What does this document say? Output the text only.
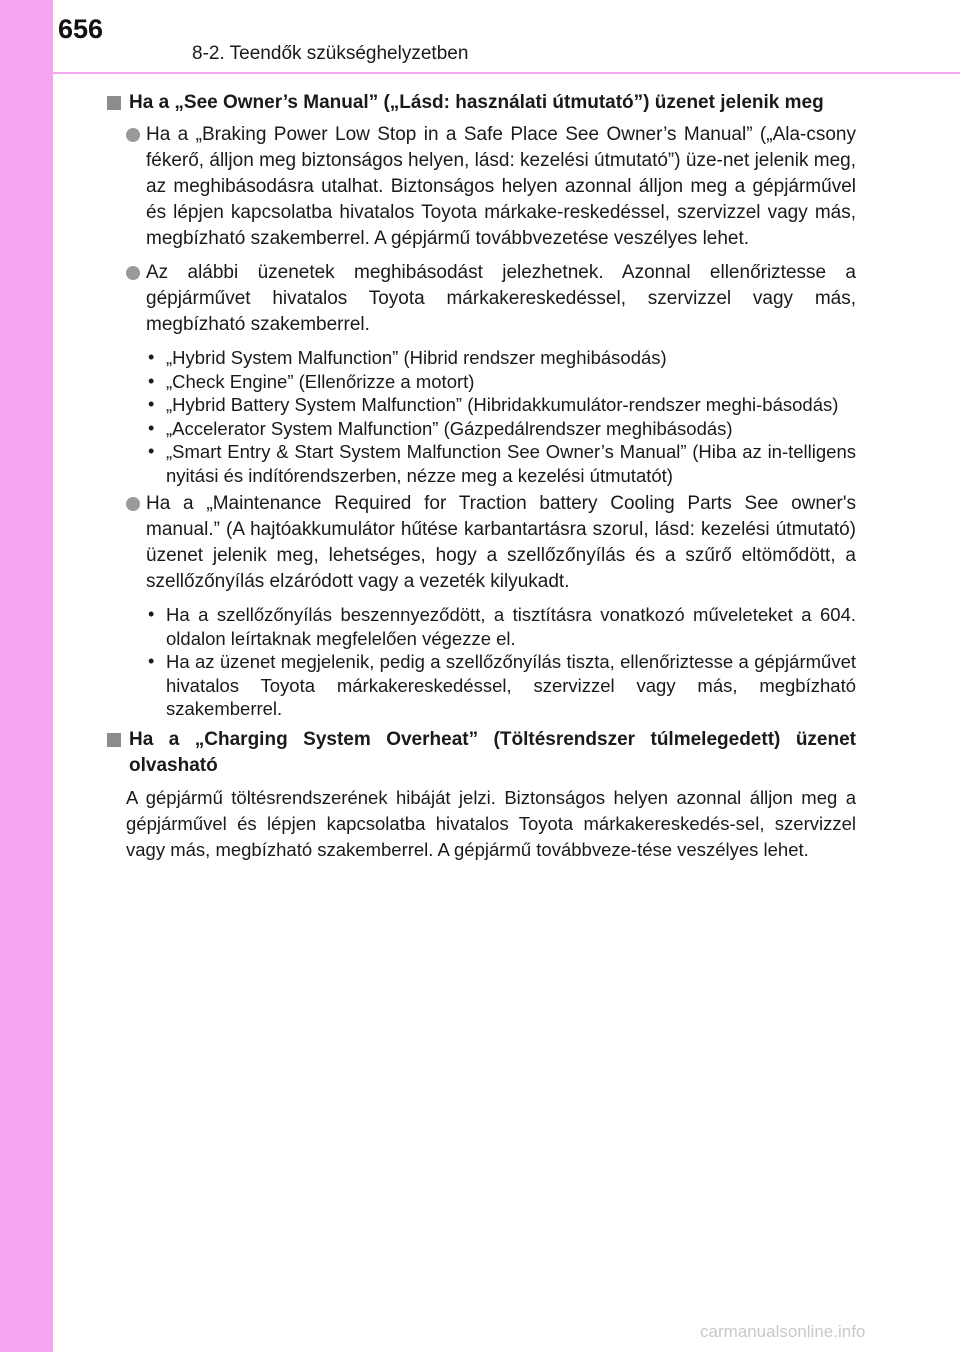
656
8-2. Teendők szükséghelyzetben
Ha a „See Owner’s Manual” („Lásd: használati útmutató”) üzenet jelenik meg
Ha a „Braking Power Low Stop in a Safe Place See Owner’s Manual” („Ala-csony fékerő, álljon meg biztonságos helyen, lásd: kezelési útmutató”) üze-net jelenik meg, az meghibásodásra utalhat. Biztonságos helyen azonnal álljon meg a gépjárművel és lépjen kapcsolatba hivatalos Toyota márkake-reskedéssel, szervizzel vagy más, megbízható szakemberrel. A gépjármű továbbvezetése veszélyes lehet.
Az alábbi üzenetek meghibásodást jelezhetnek. Azonnal ellenőriztesse a gépjárművet hivatalos Toyota márkakereskedéssel, szervizzel vagy más, megbízható szakemberrel.
• „Hybrid System Malfunction” (Hibrid rendszer meghibásodás)
• „Check Engine” (Ellenőrizze a motort)
• „Hybrid Battery System Malfunction” (Hibridakkumulátor-rendszer meghi-básodás)
• „Accelerator System Malfunction” (Gázpedálrendszer meghibásodás)
• „Smart Entry & Start System Malfunction See Owner’s Manual” (Hiba az in-telligens nyitási és indítórendszerben, nézze meg a kezelési útmutatót)
Ha a „Maintenance Required for Traction battery Cooling Parts See owner's manual.” (A hajtóakkumulátor hűtése karbantartásra szorul, lásd: kezelési útmutató) üzenet jelenik meg, lehetséges, hogy a szellőzőnyílás és a szűrő eltömődött, a szellőzőnyílás elzáródott vagy a vezeték kilyukadt.
• Ha a szellőzőnyílás beszennyeződött, a tisztításra vonatkozó műveleteket a 604. oldalon leírtaknak megfelelően végezze el.
• Ha az üzenet megjelenik, pedig a szellőzőnyílás tiszta, ellenőriztesse a gépjárművet hivatalos Toyota márkakereskedéssel, szervizzel vagy más, megbízható szakemberrel.
Ha a „Charging System Overheat” (Töltésrendszer túlmelegedett) üzenet olvasható
A gépjármű töltésrendszerének hibáját jelzi. Biztonságos helyen azonnal álljon meg a gépjárművel és lépjen kapcsolatba hivatalos Toyota márkakereskedés-sel, szervizzel vagy más, megbízható szakemberrel. A gépjármű továbbveze-tése veszélyes lehet.
carmanualsonline.info
